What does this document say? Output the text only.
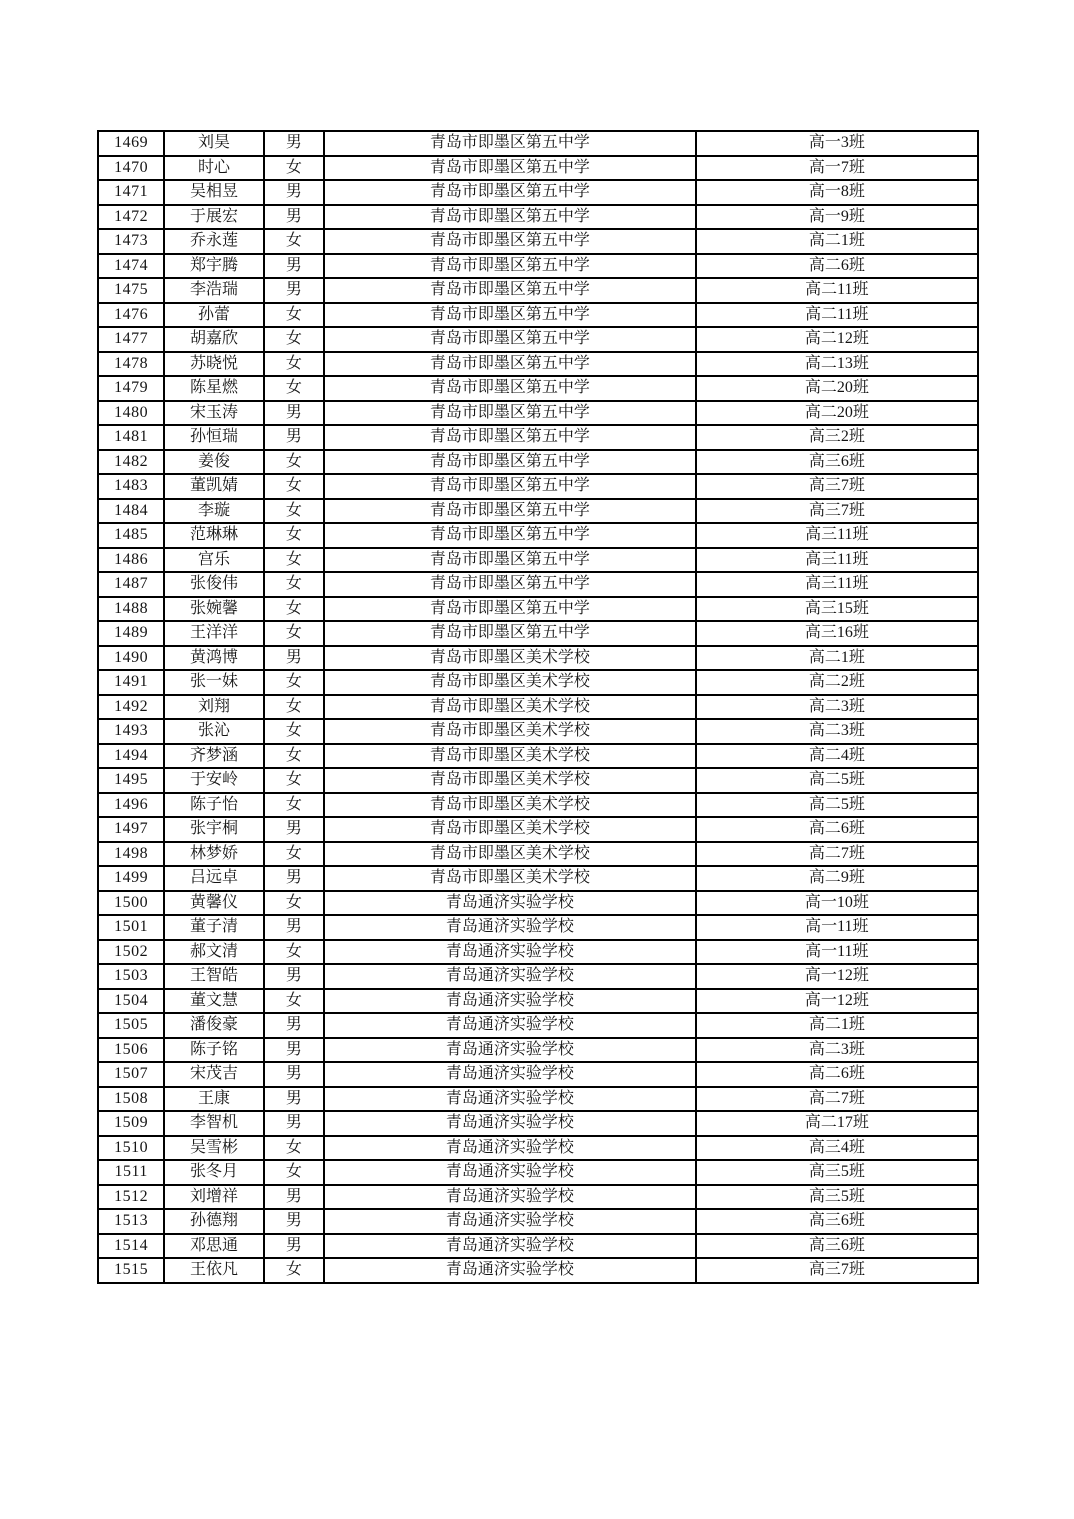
1469	刘昊	男	青岛市即墨区第五中学	高一3班
1470	时心	女	青岛市即墨区第五中学	高一7班
1471	吴相昱	男	青岛市即墨区第五中学	高一8班
1472	于展宏	男	青岛市即墨区第五中学	高一9班
1473	乔永莲	女	青岛市即墨区第五中学	高二1班
1474	郑宇腾	男	青岛市即墨区第五中学	高二6班
1475	李浩瑞	男	青岛市即墨区第五中学	高二11班
1476	孙蕾	女	青岛市即墨区第五中学	高二11班
1477	胡嘉欣	女	青岛市即墨区第五中学	高二12班
1478	苏晓悦	女	青岛市即墨区第五中学	高二13班
1479	陈星燃	女	青岛市即墨区第五中学	高二20班
1480	宋玉涛	男	青岛市即墨区第五中学	高二20班
1481	孙恒瑞	男	青岛市即墨区第五中学	高三2班
1482	姜俊	女	青岛市即墨区第五中学	高三6班
1483	董凯婧	女	青岛市即墨区第五中学	高三7班
1484	李璇	女	青岛市即墨区第五中学	高三7班
1485	范琳琳	女	青岛市即墨区第五中学	高三11班
1486	宫乐	女	青岛市即墨区第五中学	高三11班
1487	张俊伟	女	青岛市即墨区第五中学	高三11班
1488	张婉馨	女	青岛市即墨区第五中学	高三15班
1489	王洋洋	女	青岛市即墨区第五中学	高三16班
1490	黄鸿博	男	青岛市即墨区美术学校	高二1班
1491	张一妹	女	青岛市即墨区美术学校	高二2班
1492	刘翔	女	青岛市即墨区美术学校	高二3班
1493	张沁	女	青岛市即墨区美术学校	高二3班
1494	齐梦涵	女	青岛市即墨区美术学校	高二4班
1495	于安岭	女	青岛市即墨区美术学校	高二5班
1496	陈子怡	女	青岛市即墨区美术学校	高二5班
1497	张宇桐	男	青岛市即墨区美术学校	高二6班
1498	林梦娇	女	青岛市即墨区美术学校	高二7班
1499	吕远卓	男	青岛市即墨区美术学校	高二9班
1500	黄馨仪	女	青岛通济实验学校	高一10班
1501	董子清	男	青岛通济实验学校	高一11班
1502	郝文清	女	青岛通济实验学校	高一11班
1503	王智皓	男	青岛通济实验学校	高一12班
1504	董文慧	女	青岛通济实验学校	高一12班
1505	潘俊豪	男	青岛通济实验学校	高二1班
1506	陈子铭	男	青岛通济实验学校	高二3班
1507	宋茂吉	男	青岛通济实验学校	高二6班
1508	王康	男	青岛通济实验学校	高二7班
1509	李智机	男	青岛通济实验学校	高二17班
1510	吴雪彬	女	青岛通济实验学校	高三4班
1511	张冬月	女	青岛通济实验学校	高三5班
1512	刘增祥	男	青岛通济实验学校	高三5班
1513	孙德翔	男	青岛通济实验学校	高三6班
1514	邓思通	男	青岛通济实验学校	高三6班
1515	王依凡	女	青岛通济实验学校	高三7班
